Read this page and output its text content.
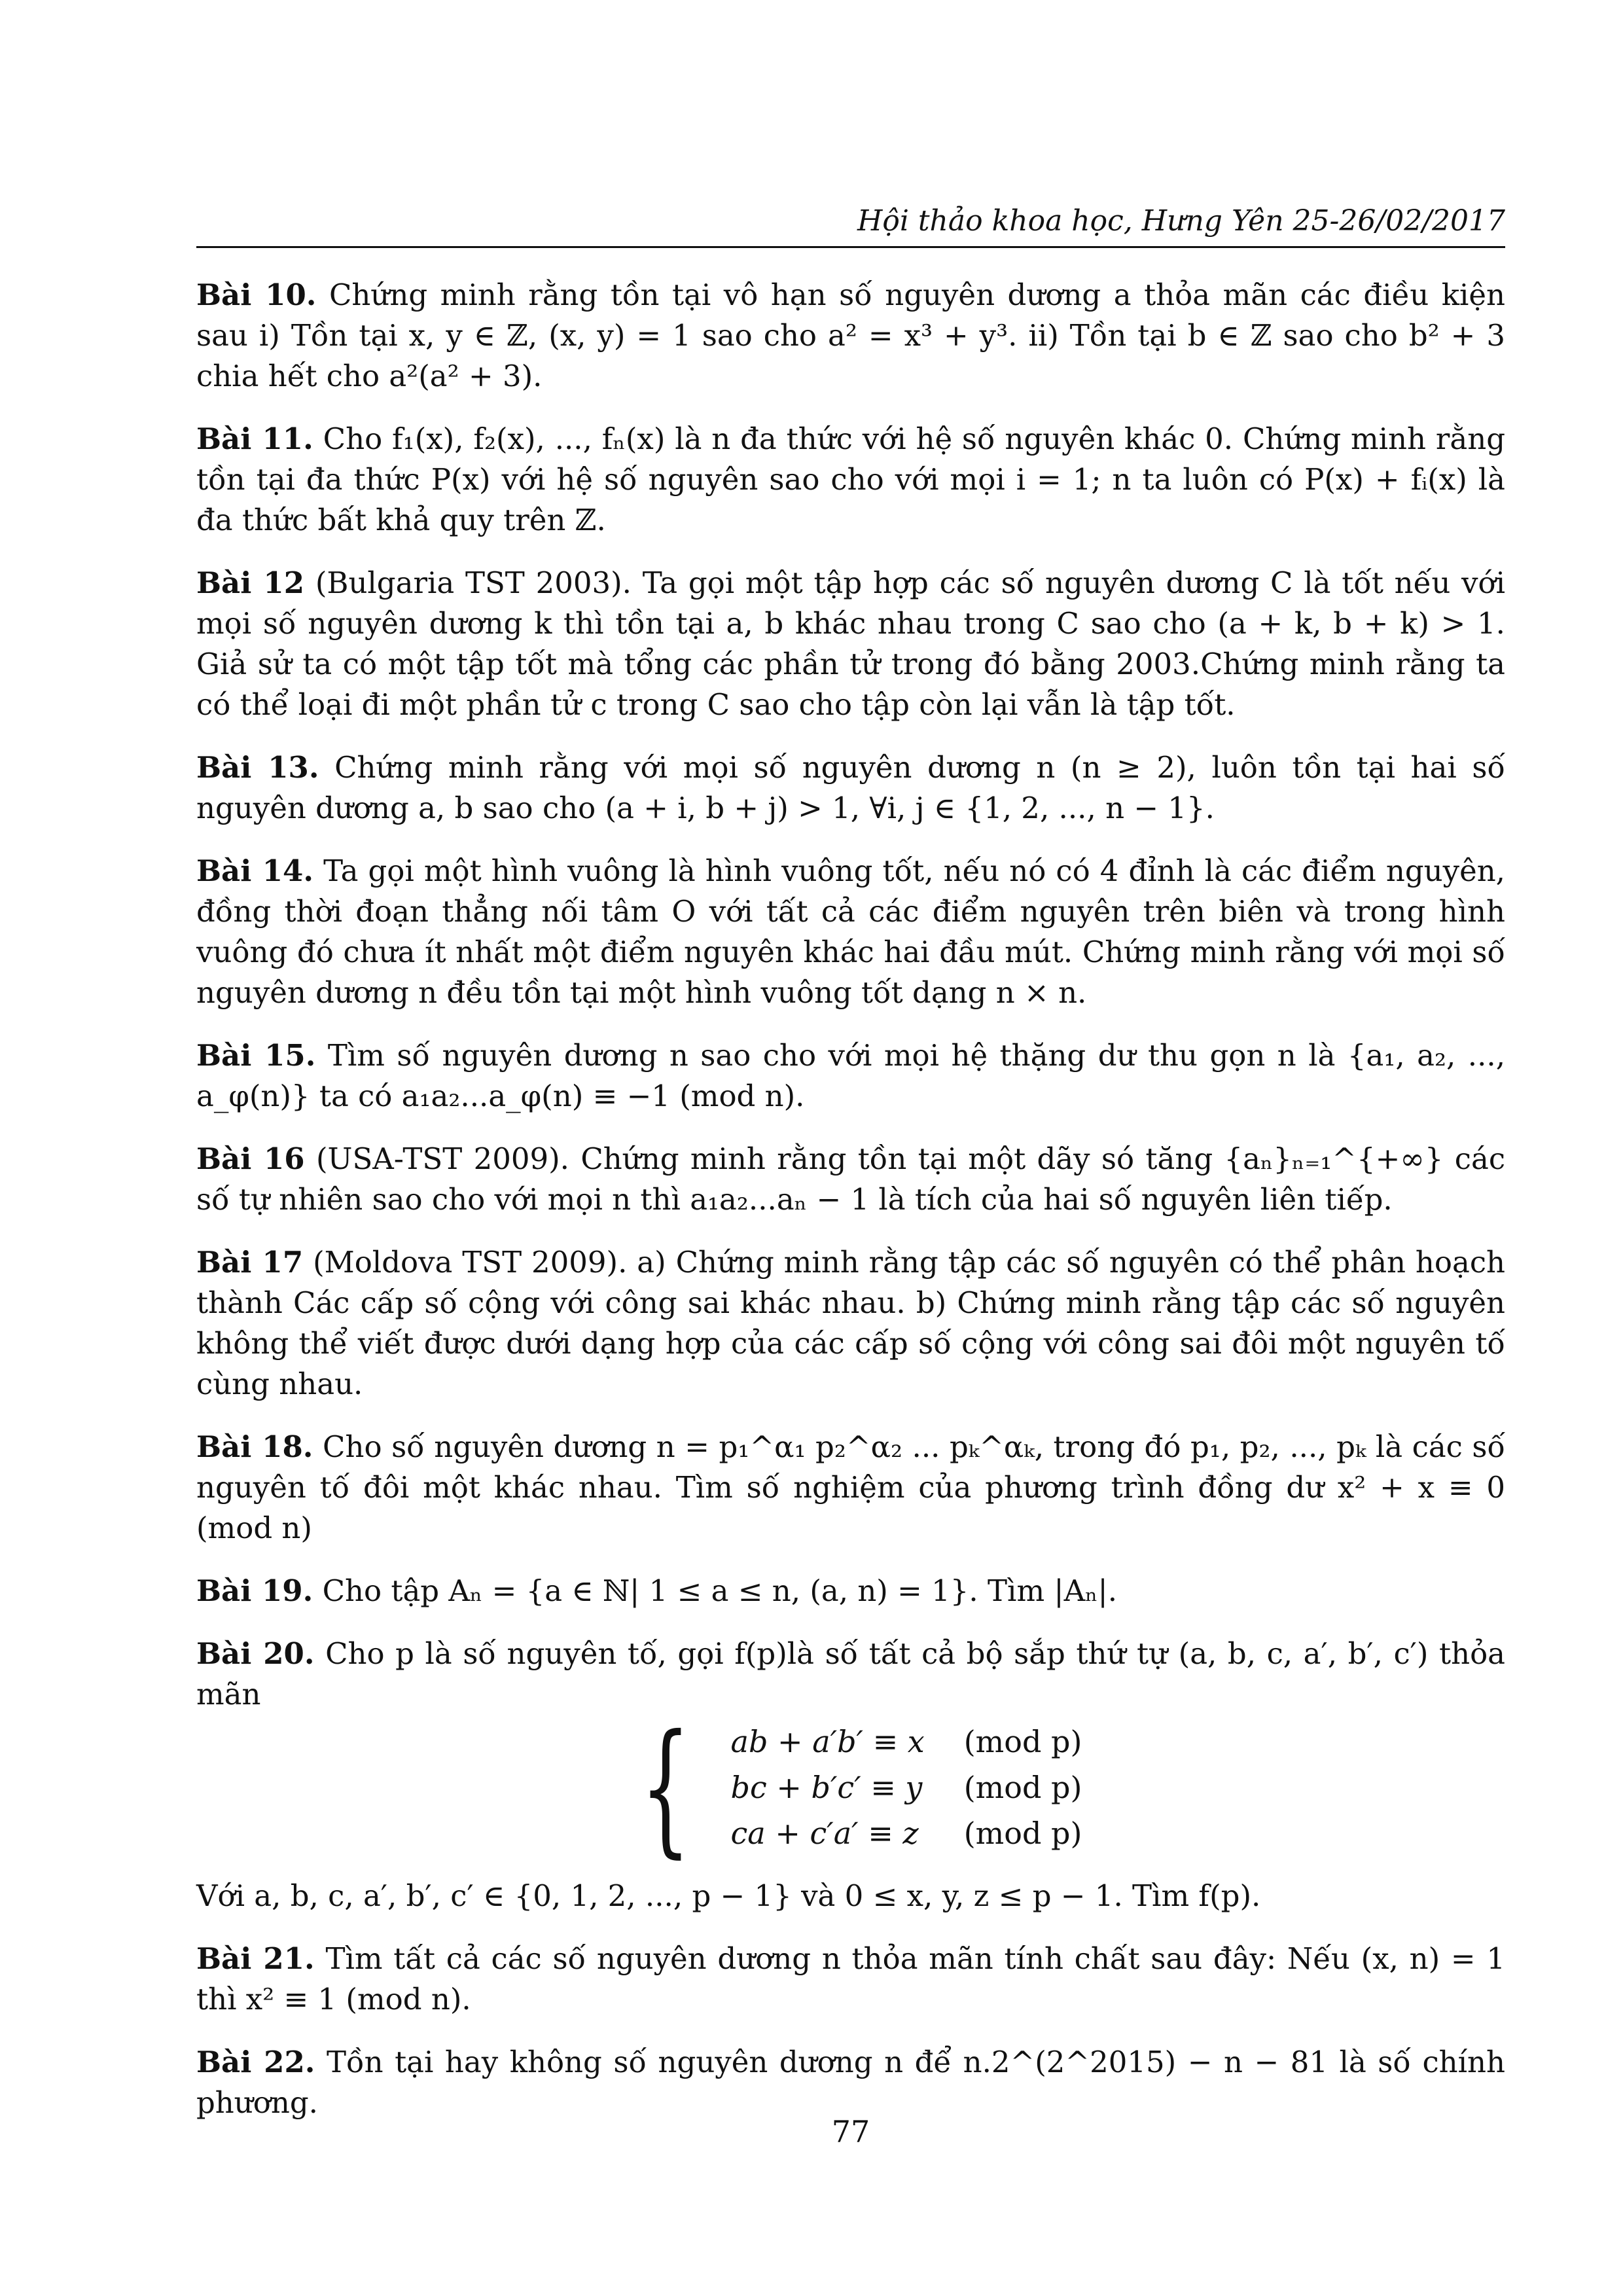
Hội thảo khoa học, Hưng Yên 25-26/02/2017

Bài 10. Chứng minh rằng tồn tại vô hạn số nguyên dương a thỏa mãn các điều kiện sau i) Tồn tại x, y ∈ ℤ, (x, y) = 1 sao cho a² = x³ + y³. ii) Tồn tại b ∈ ℤ sao cho b² + 3 chia hết cho a²(a² + 3).

Bài 11. Cho f₁(x), f₂(x), ..., fₙ(x) là n đa thức với hệ số nguyên khác 0. Chứng minh rằng tồn tại đa thức P(x) với hệ số nguyên sao cho với mọi i = 1; n ta luôn có P(x) + fᵢ(x) là đa thức bất khả quy trên ℤ.

Bài 12 (Bulgaria TST 2003). Ta gọi một tập hợp các số nguyên dương C là tốt nếu với mọi số nguyên dương k thì tồn tại a, b khác nhau trong C sao cho (a + k, b + k) > 1. Giả sử ta có một tập tốt mà tổng các phần tử trong đó bằng 2003.Chứng minh rằng ta có thể loại đi một phần tử c trong C sao cho tập còn lại vẫn là tập tốt.

Bài 13. Chứng minh rằng với mọi số nguyên dương n (n ≥ 2), luôn tồn tại hai số nguyên dương a, b sao cho (a + i, b + j) > 1, ∀i, j ∈ {1, 2, ..., n − 1}.

Bài 14. Ta gọi một hình vuông là hình vuông tốt, nếu nó có 4 đỉnh là các điểm nguyên, đồng thời đoạn thẳng nối tâm O với tất cả các điểm nguyên trên biên và trong hình vuông đó chưa ít nhất một điểm nguyên khác hai đầu mút. Chứng minh rằng với mọi số nguyên dương n đều tồn tại một hình vuông tốt dạng n × n.

Bài 15. Tìm số nguyên dương n sao cho với mọi hệ thặng dư thu gọn n là {a₁, a₂, ..., a_φ(n)} ta có a₁a₂...a_φ(n) ≡ −1 (mod n).

Bài 16 (USA-TST 2009). Chứng minh rằng tồn tại một dãy só tăng {aₙ}ₙ₌₁^{+∞} các số tự nhiên sao cho với mọi n thì a₁a₂...aₙ − 1 là tích của hai số nguyên liên tiếp.

Bài 17 (Moldova TST 2009). a) Chứng minh rằng tập các số nguyên có thể phân hoạch thành Các cấp số cộng với công sai khác nhau. b) Chứng minh rằng tập các số nguyên không thể viết được dưới dạng hợp của các cấp số cộng với công sai đôi một nguyên tố cùng nhau.

Bài 18. Cho số nguyên dương n = p₁^α₁ p₂^α₂ ... pₖ^αₖ, trong đó p₁, p₂, ..., pₖ là các số nguyên tố đôi một khác nhau. Tìm số nghiệm của phương trình đồng dư x² + x ≡ 0 (mod n)

Bài 19. Cho tập Aₙ = {a ∈ ℕ| 1 ≤ a ≤ n, (a, n) = 1}. Tìm |Aₙ|.

Bài 20. Cho p là số nguyên tố, gọi f(p)là số tất cả bộ sắp thứ tự (a, b, c, a′, b′, c′) thỏa mãn

{ ab + a′b′ ≡ x (mod p)
bc + b′c′ ≡ y (mod p)
ca + c′a′ ≡ z (mod p)

Với a, b, c, a′, b′, c′ ∈ {0, 1, 2, ..., p − 1} và 0 ≤ x, y, z ≤ p − 1. Tìm f(p).

Bài 21. Tìm tất cả các số nguyên dương n thỏa mãn tính chất sau đây: Nếu (x, n) = 1 thì x² ≡ 1 (mod n).

Bài 22. Tồn tại hay không số nguyên dương n để n.2^(2^2015) − n − 81 là số chính phương.

77
